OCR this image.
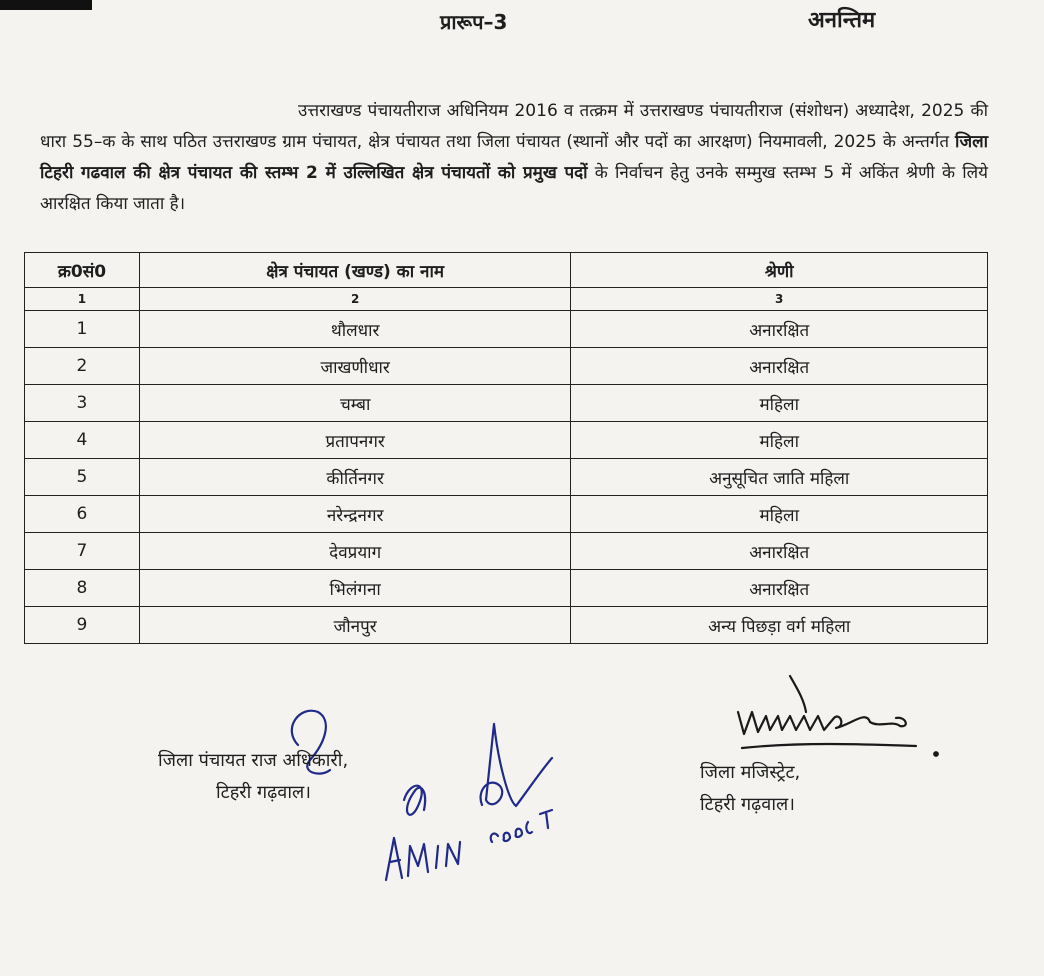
प्रारूप–3	अनन्तिम
उत्तराखण्ड पंचायतीराज अधिनियम 2016 व तत्क्रम में उत्तराखण्ड पंचायतीराज (संशोधन) अध्यादेश, 2025 की धारा 55–क के साथ पठित उत्तराखण्ड ग्राम पंचायत, क्षेत्र पंचायत तथा जिला पंचायत (स्थानों और पदों का आरक्षण) नियमावली, 2025 के अन्तर्गत जिला टिहरी गढवाल की क्षेत्र पंचायत की स्तम्भ 2 में उल्लिखित क्षेत्र पंचायतों को प्रमुख पदों के निर्वाचन हेतु उनके सम्मुख स्तम्भ 5 में अकिंत श्रेणी के लिये आरक्षित किया जाता है।
क्र0सं0	क्षेत्र पंचायत (खण्ड) का नाम	श्रेणी
1	2	3
1	थौलधार	अनारक्षित
2	जाखणीधार	अनारक्षित
3	चम्बा	महिला
4	प्रतापनगर	महिला
5	कीर्तिनगर	अनुसूचित जाति महिला
6	नरेन्द्रनगर	महिला
7	देवप्रयाग	अनारक्षित
8	भिलंगना	अनारक्षित
9	जौनपुर	अन्य पिछड़ा वर्ग महिला
जिला पंचायत राज अधिकारी,
टिहरी गढ़वाल।
जिला मजिस्ट्रेट,
टिहरी गढ़वाल।
